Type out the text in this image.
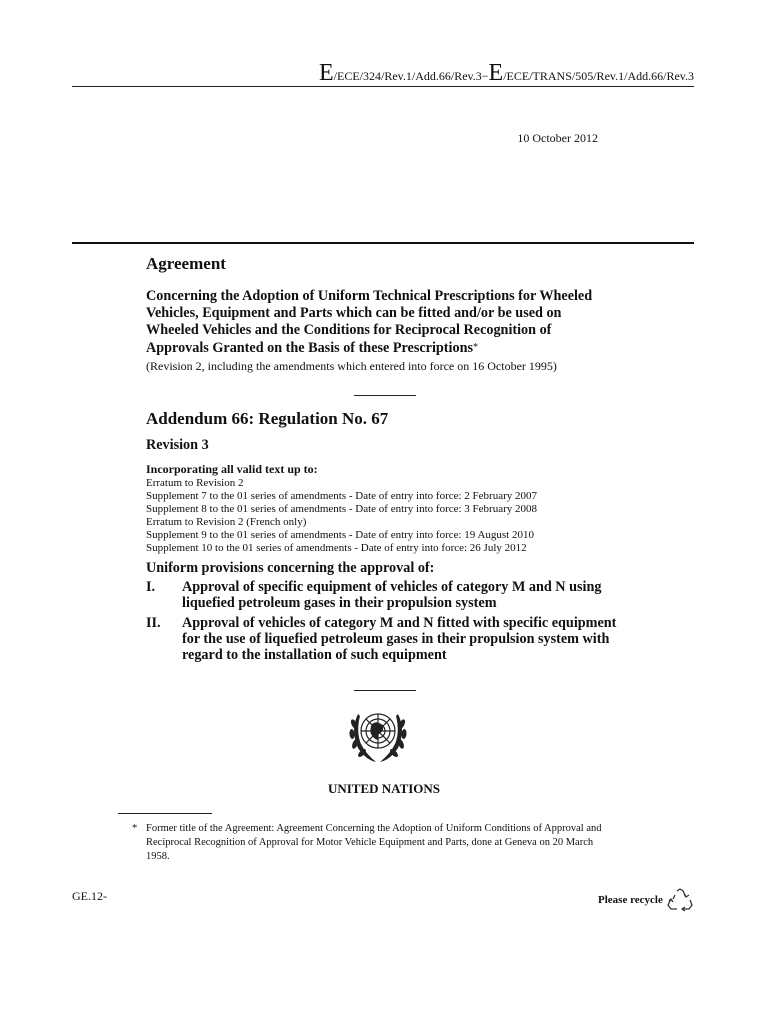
E/ECE/324/Rev.1/Add.66/Rev.3−E/ECE/TRANS/505/Rev.1/Add.66/Rev.3
10 October 2012
Agreement
Concerning the Adoption of Uniform Technical Prescriptions for Wheeled Vehicles, Equipment and Parts which can be fitted and/or be used on Wheeled Vehicles and the Conditions for Reciprocal Recognition of Approvals Granted on the Basis of these Prescriptions*
(Revision 2, including the amendments which entered into force on 16 October 1995)
Addendum 66: Regulation No. 67
Revision 3
Incorporating all valid text up to:
Erratum to Revision 2
Supplement 7 to the 01 series of amendments - Date of entry into force: 2 February 2007
Supplement 8 to the 01 series of amendments - Date of entry into force: 3 February 2008
Erratum to Revision 2 (French only)
Supplement 9 to the 01 series of amendments - Date of entry into force: 19 August 2010
Supplement 10 to the 01 series of amendments - Date of entry into force: 26 July 2012
Uniform provisions concerning the approval of:
I.	Approval of specific equipment of vehicles of category M and N using liquefied petroleum gases in their propulsion system
II.	Approval of vehicles of category M and N fitted with specific equipment for the use of liquefied petroleum gases in their propulsion system with regard to the installation of such equipment
UNITED NATIONS
* Former title of the Agreement: Agreement Concerning the Adoption of Uniform Conditions of Approval and Reciprocal Recognition of Approval for Motor Vehicle Equipment and Parts, done at Geneva on 20 March 1958.
GE.12-	Please recycle
